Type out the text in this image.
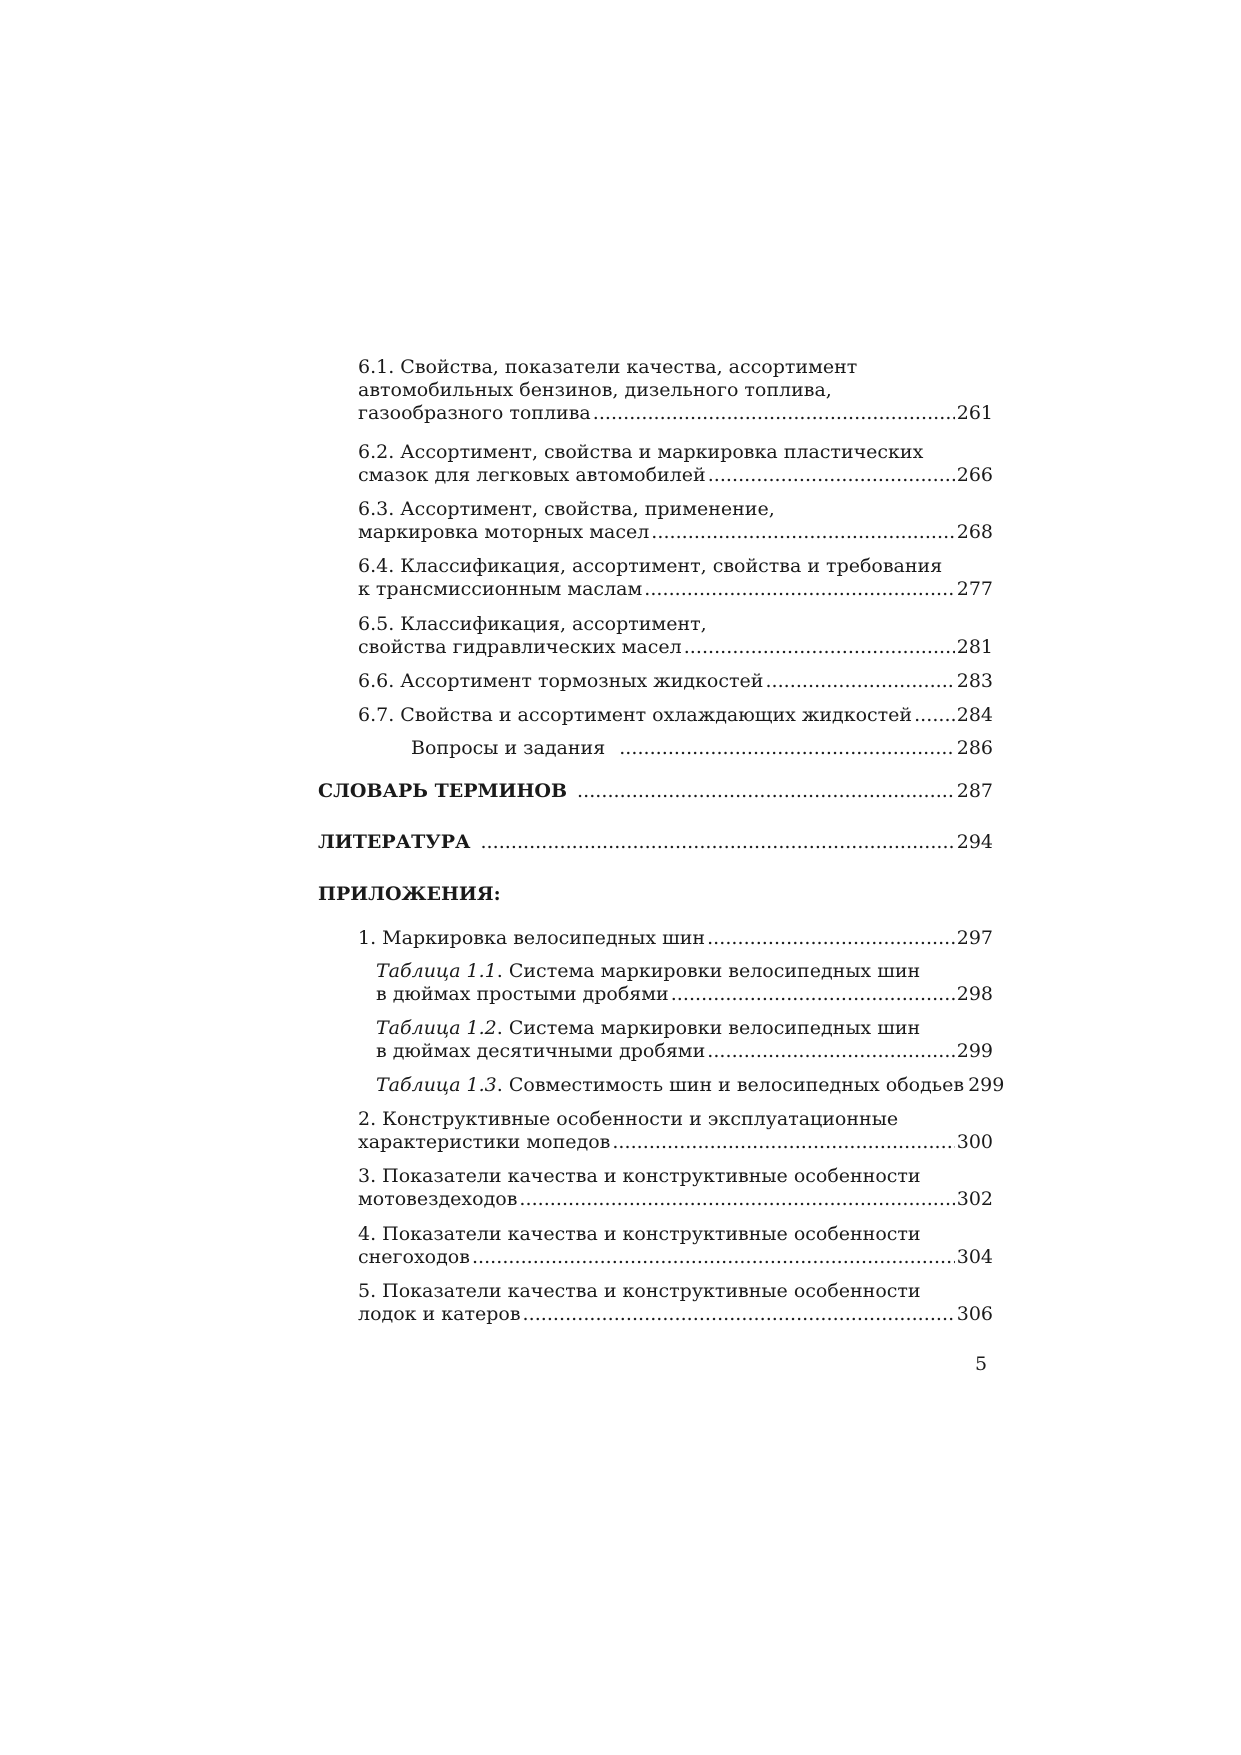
6.1. Свойства, показатели качества, ассортимент
автомобильных бензинов, дизельного топлива,
газообразного топлива . . .	261
6.2. Ассортимент, свойства и маркировка пластических
смазок для легковых автомобилей . . .	266
6.3. Ассортимент, свойства, применение,
маркировка моторных масел . . .	268
6.4. Классификация, ассортимент, свойства и требования
к трансмиссионным маслам . . .	277
6.5. Классификация, ассортимент,
свойства гидравлических масел . . .	281
6.6. Ассортимент тормозных жидкостей . . .	283
6.7. Свойства и ассортимент охлаждающих жидкостей . . . 284
Вопросы и задания . . .	286
СЛОВАРЬ ТЕРМИНОВ . . .	287
ЛИТЕРАТУРА . . .	294
ПРИЛОЖЕНИЯ:
1. Маркировка велосипедных шин . . .	297
Таблица 1.1. Система маркировки велосипедных шин
в дюймах простыми дробями . . .	298
Таблица 1.2. Система маркировки велосипедных шин
в дюймах десятичными дробями . . .	299
Таблица 1.3. Совместимость шин и велосипедных ободьев 299
2. Конструктивные особенности и эксплуатационные
характеристики мопедов . . .	300
3. Показатели качества и конструктивные особенности
мотовездеходов . . .	302
4. Показатели качества и конструктивные особенности
снегоходов . . .	304
5. Показатели качества и конструктивные особенности
лодок и катеров . . .	306
5
